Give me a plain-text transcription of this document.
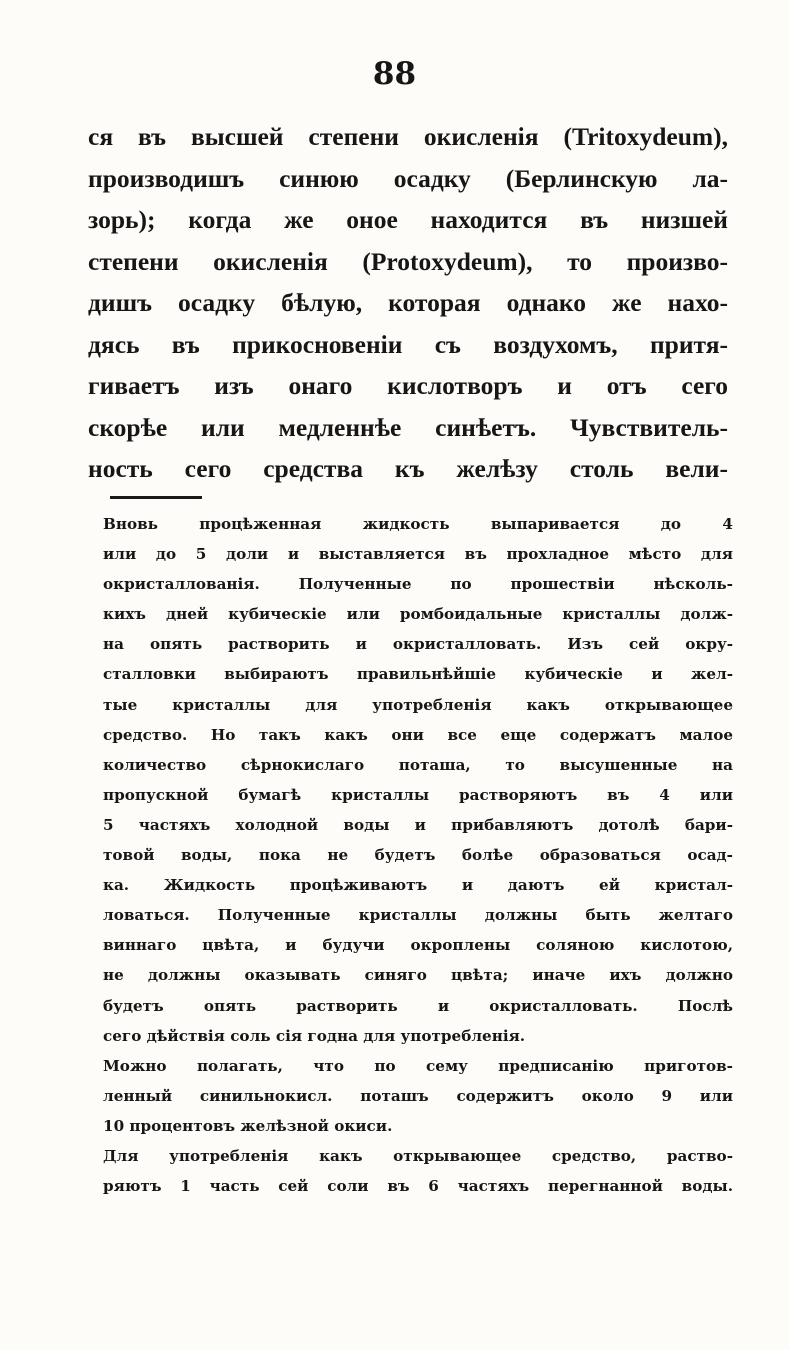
88
ся въ высшей степени окисленія (Tritoxydeum),
производишъ синюю осадку (Берлинскую ла-
зорь); когда же оное находится въ низшей
степени окисленія (Protoxydeum), то произво-
дишъ осадку бѣлую, которая однако же нахо-
дясь въ прикосновеніи съ воздухомъ, притя-
гиваетъ изъ онаго кислотворъ и отъ сего
скорѣе или медленнѣе синѣетъ. Чувствитель-
ность сего средства къ желѣзу столь вели-
Вновь процѣженная жидкость выпаривается до 4
или до 5 доли и выставляется въ прохладное мѣсто для
окристаллованія. Полученные по прошествіи нѣсколь-
кихъ дней кубическіе или ромбоидальные кристаллы долж-
на опять растворить и окристалловать. Изъ сей окру-
сталловки выбираютъ правильнѣйшіе кубическіе и жел-
тые кристаллы для употребленія какъ открывающее
средство. Но такъ какъ они все еще содержатъ малое
количество сѣрнокислаго поташа, то высушенные на
пропускной бумагѣ кристаллы растворяютъ въ 4 или
5 частяхъ холодной воды и прибавляютъ дотолѣ бари-
товой воды, пока не будетъ болѣе образоваться осад-
ка. Жидкость процѣживаютъ и даютъ ей кристал-
ловаться. Полученные кристаллы должны быть желтаго
виннаго цвѣта, и будучи окроплены соляною кислотою,
не должны оказывать синяго цвѣта; иначе ихъ должно
будетъ опять растворить и окристалловать. Послѣ
сего дѣйствія соль сія годна для употребленія.
Можно полагать, что по сему предписанію приготов-
ленный синильнокисл. поташъ содержитъ около 9 или
10 процентовъ желѣзной окиси.
Для употребленія какъ открывающее средство, раство-
ряютъ 1 часть сей соли въ 6 частяхъ перегнанной воды.
